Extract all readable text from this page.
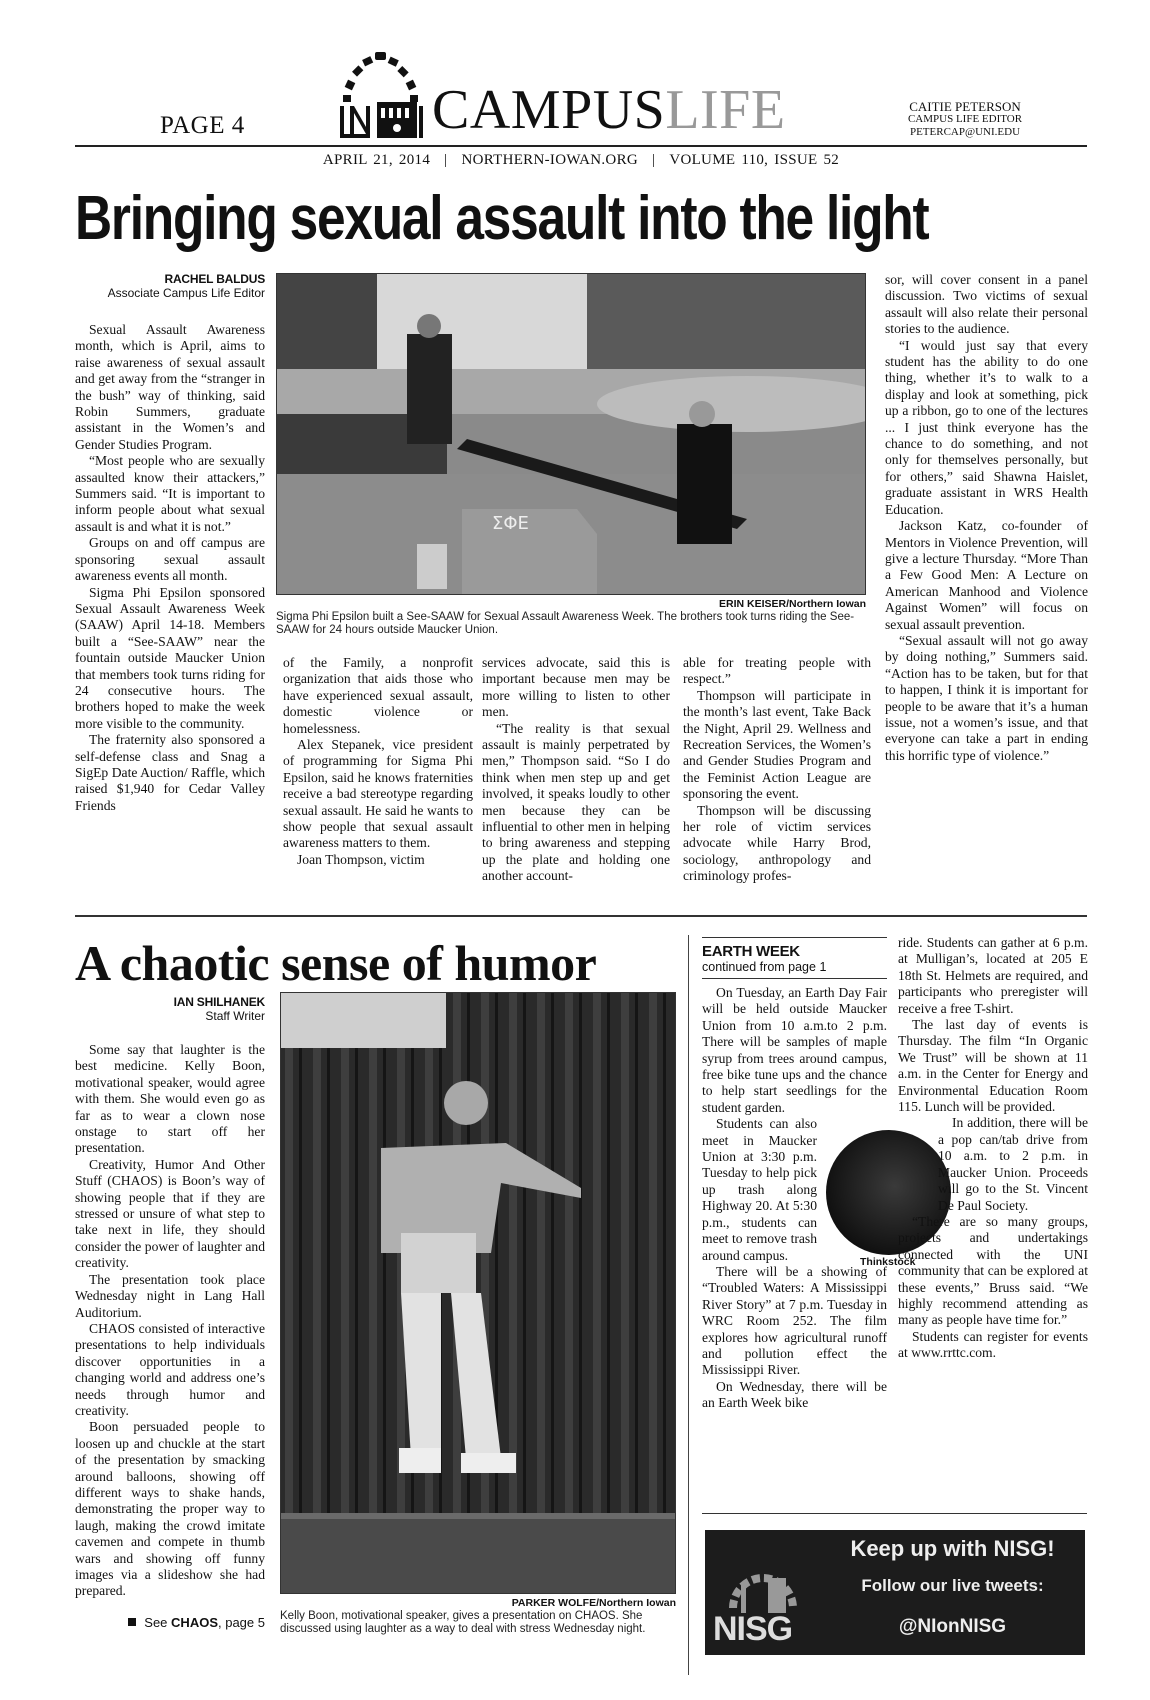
PAGE 4	CAMPUSLIFE	CAITIE PETERSON
CAMPUS LIFE EDITOR
PETERCAP@UNI.EDU
APRIL 21, 2014 | NORTHERN-IOWAN.ORG | VOLUME 110, ISSUE 52
Bringing sexual assault into the light
RACHEL BALDUS
Associate Campus Life Editor

Sexual Assault Awareness month, which is April, aims to raise awareness of sexual assault and get away from the “stranger in the bush” way of thinking, said Robin Summers, graduate assistant in the Women’s and Gender Studies Program.

“Most people who are sexually assaulted know their attackers,” Summers said. “It is important to inform people about what sexual assault is and what it is not.”

Groups on and off campus are sponsoring sexual assault awareness events all month.

Sigma Phi Epsilon sponsored Sexual Assault Awareness Week (SAAW) April 14-18. Members built a “See-SAAW” near the fountain outside Maucker Union that members took turns riding for 24 consecutive hours. The brothers hoped to make the week more visible to the community.

The fraternity also sponsored a self-defense class and Snag a SigEp Date Auction/ Raffle, which raised $1,940 for Cedar Valley Friends

ΣΦΕ
ERIN KEISER/Northern Iowan
Sigma Phi Epsilon built a See-SAAW for Sexual Assault Awareness Week. The brothers took turns riding the See-SAAW for 24 hours outside Maucker Union.

of the Family, a nonprofit organization that aids those who have experienced sexual assault, domestic violence or homelessness.

Alex Stepanek, vice president of programming for Sigma Phi Epsilon, said he knows fraternities receive a bad stereotype regarding sexual assault. He said he wants to show people that sexual assault awareness matters to them.

Joan Thompson, victim

services advocate, said this is important because men may be more willing to listen to other men.

“The reality is that sexual assault is mainly perpetrated by men,” Thompson said. “So I do think when men step up and get involved, it speaks loudly to other men because they can be influential to other men in helping to bring awareness and stepping up the plate and holding one another account-

able for treating people with respect.”

Thompson will participate in the month’s last event, Take Back the Night, April 29. Wellness and Recreation Services, the Women’s and Gender Studies Program and the Feminist Action League are sponsoring the event.

Thompson will be discussing her role of victim services advocate while Harry Brod, sociology, anthropology and criminology profes-

sor, will cover consent in a panel discussion. Two victims of sexual assault will also relate their personal stories to the audience.

“I would just say that every student has the ability to do one thing, whether it’s to walk to a display and look at something, pick up a ribbon, go to one of the lectures ... I just think everyone has the chance to do something, and not only for themselves personally, but for others,” said Shawna Haislet, graduate assistant in WRS Health Education.

Jackson Katz, co-founder of Mentors in Violence Prevention, will give a lecture Thursday. “More Than a Few Good Men: A Lecture on American Manhood and Violence Against Women” will focus on sexual assault prevention.

“Sexual assault will not go away by doing nothing,” Summers said. “Action has to be taken, but for that to happen, I think it is important for people to be aware that it’s a human issue, not a women’s issue, and that everyone can take a part in ending this horrific type of violence.”

A chaotic sense of humor
IAN SHILHANEK
Staff Writer

Some say that laughter is the best medicine. Kelly Boon, motivational speaker, would agree with them. She would even go as far as to wear a clown nose onstage to start off her presentation.

Creativity, Humor And Other Stuff (CHAOS) is Boon’s way of showing people that if they are stressed or unsure of what step to take next in life, they should consider the power of laughter and creativity.

The presentation took place Wednesday night in Lang Hall Auditorium.

CHAOS consisted of interactive presentations to help individuals discover opportunities in a changing world and address one’s needs through humor and creativity.

Boon persuaded people to loosen up and chuckle at the start of the presentation by smacking around balloons, showing off different ways to shake hands, demonstrating the proper way to laugh, making the crowd imitate cavemen and compete in thumb wars and showing off funny images via a slideshow she had prepared.

See CHAOS, page 5
PARKER WOLFE/Northern Iowan
Kelly Boon, motivational speaker, gives a presentation on CHAOS. She discussed using laughter as a way to deal with stress Wednesday night.
EARTH WEEK
continued from page 1
Thinkstock

On Tuesday, an Earth Day Fair will be held outside Maucker Union from 10 a.m.to 2 p.m. There will be samples of maple syrup from trees around campus, free bike tune ups and the chance to help start seedlings for the student garden.

Students can also meet in Maucker Union at 3:30 p.m. Tuesday to help pick up trash along Highway 20. At 5:30 p.m., students can meet to remove trash around campus.

There will be a showing of “Troubled Waters: A Mississippi River Story” at 7 p.m. Tuesday in WRC Room 252. The film explores how agricultural runoff and pollution effect the Mississippi River.

On Wednesday, there will be an Earth Week bike

ride. Students can gather at 6 p.m. at Mulligan’s, located at 205 E 18th St. Helmets are required, and participants who preregister will receive a free T-shirt.

The last day of events is Thursday. The film “In Organic We Trust” will be shown at 11 a.m. in the Center for Energy and Environmental Education Room 115. Lunch will be provided.

In addition, there will be a pop can/tab drive from 10 a.m. to 2 p.m. in Maucker Union. Proceeds will go to the St. Vincent De Paul Society.

“There are so many groups, projects and undertakings connected with the UNI community that can be explored at these events,” Bruss said. “We highly recommend attending as many as people have time for.”

Students can register for events at www.rrttc.com.

NISG
Keep up with NISG!
Follow our live tweets:
@NIonNISG
